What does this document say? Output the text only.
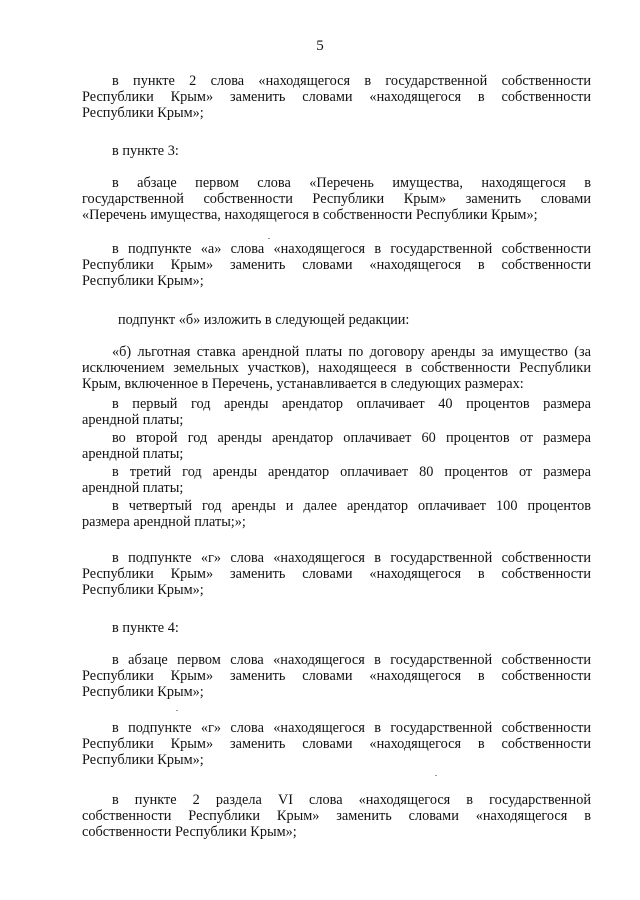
5
в пункте 2 слова «находящегося в государственной собственности
Республики Крым» заменить словами «находящегося в собственности
Республики Крым»;
в пункте 3:
в абзаце первом слова «Перечень имущества, находящегося в
государственной собственности Республики Крым» заменить словами
«Перечень имущества, находящегося в собственности Республики Крым»;
в подпункте «а» слова «находящегося в государственной собственности
Республики Крым» заменить словами «находящегося в собственности
Республики Крым»;
подпункт «б» изложить в следующей редакции:
«б) льготная ставка арендной платы по договору аренды за имущество (за
исключением земельных участков), находящееся в собственности Республики
Крым, включенное в Перечень, устанавливается в следующих размерах:
в первый год аренды арендатор оплачивает 40 процентов размера
арендной платы;
во второй год аренды арендатор оплачивает 60 процентов от размера
арендной платы;
в третий год аренды арендатор оплачивает 80 процентов от размера
арендной платы;
в четвертый год аренды и далее арендатор оплачивает 100 процентов
размера арендной платы;»;
в подпункте «г» слова «находящегося в государственной собственности
Республики Крым» заменить словами «находящегося в собственности
Республики Крым»;
в пункте 4:
в абзаце первом слова «находящегося в государственной собственности
Республики Крым» заменить словами «находящегося в собственности
Республики Крым»;
в подпункте «г» слова «находящегося в государственной собственности
Республики Крым» заменить словами «находящегося в собственности
Республики Крым»;
в пункте 2 раздела VI слова «находящегося в государственной
собственности Республики Крым» заменить словами «находящегося в
собственности Республики Крым»;
